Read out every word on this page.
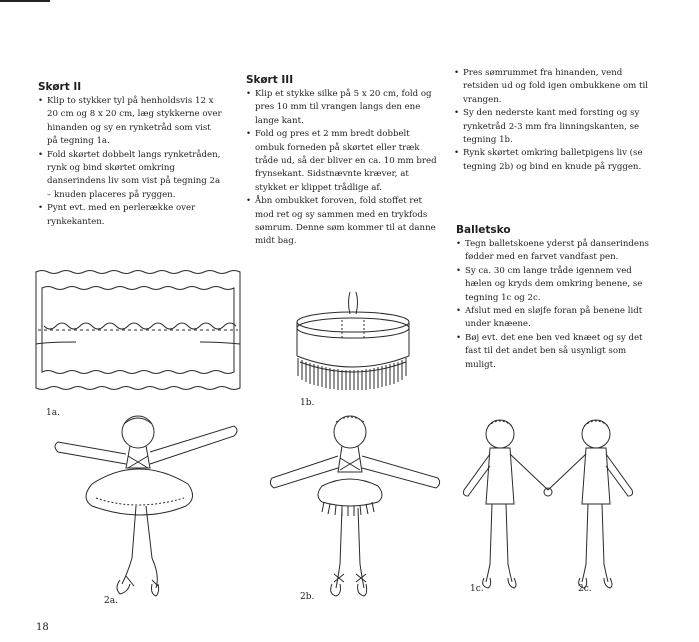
Skørt II
• Klip to stykker tyl på henholdsvis 12 x 20 cm og 8 x 20 cm, læg stykkerne over hinanden og sy en rynketråd som vist på tegning 1a.
• Fold skørtet dobbelt langs rynketråden, rynk og bind skørtet omkring danserindens liv som vist på tegning 2a – knuden placeres på ryggen.
• Pynt evt. med en perlerække over rynkekanten.
Skørt III
• Klip et stykke silke på 5 x 20 cm, fold og pres 10 mm til vrangen langs den ene lange kant.
• Fold og pres et 2 mm bredt dobbelt ombuk forneden på skørtet eller træk tråde ud, så der bliver en ca. 10 mm bred frynsekant. Sidstnævnte kræver, at stykket er klippet trådlige af.
• Åbn ombukket foroven, fold stoffet ret mod ret og sy sammen med en trykfods sømrum. Denne søm kommer til at danne midt bag.
• Pres sømrummet fra hinanden, vend retsiden ud og fold igen ombukkene om til vrangen.
• Sy den nederste kant med forsting og sy rynketråd 2-3 mm fra linningskanten, se tegning 1b.
• Rynk skørtet omkring balletpigens liv (se tegning 2b) og bind en knude på ryggen.
Balletsko
• Tegn balletskoene yderst på danserindens fødder med en farvet vandfast pen.
• Sy ca. 30 cm lange tråde igennem ved hælen og kryds dem omkring benene, se tegning 1c og 2c.
• Afslut med en sløjfe foran på benene lidt under knæene.
• Bøj evt. det ene ben ved knæet og sy det fast til det andet ben så usynligt som muligt.
1a.
1b.
2a.	2b.
1c.	2c.
18
